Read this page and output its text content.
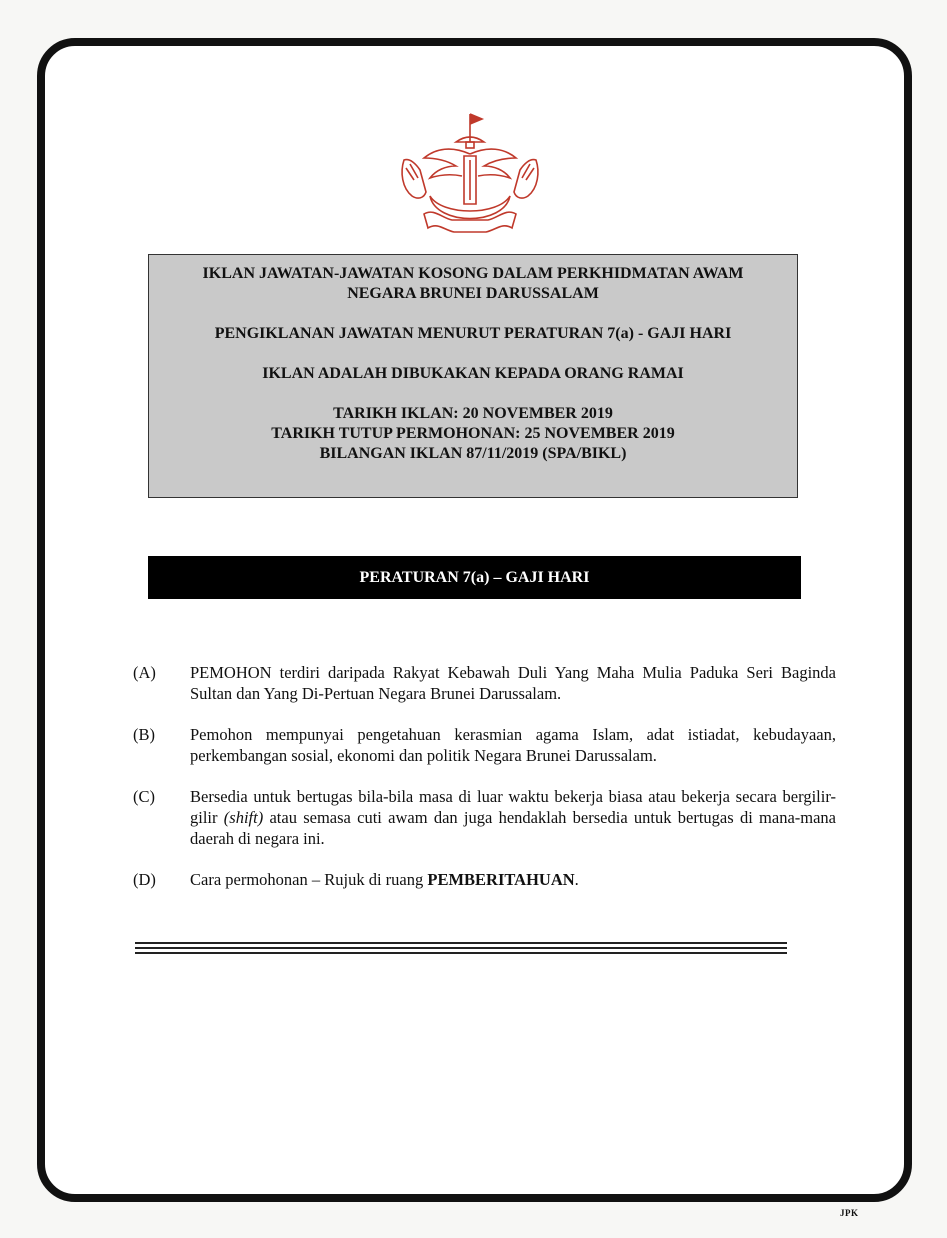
IKLAN JAWATAN-JAWATAN KOSONG DALAM PERKHIDMATAN AWAM
NEGARA BRUNEI DARUSSALAM
PENGIKLANAN JAWATAN MENURUT PERATURAN 7(a) - GAJI HARI
IKLAN ADALAH DIBUKAKAN KEPADA ORANG RAMAI
TARIKH IKLAN: 20 NOVEMBER 2019
TARIKH TUTUP PERMOHONAN: 25 NOVEMBER 2019
BILANGAN IKLAN 87/11/2019 (SPA/BIKL)
PERATURAN 7(a) – GAJI HARI
(A)	PEMOHON terdiri daripada Rakyat Kebawah Duli Yang Maha Mulia Paduka Seri Baginda Sultan dan Yang Di-Pertuan Negara Brunei Darussalam.
(B)	Pemohon mempunyai pengetahuan kerasmian agama Islam, adat istiadat, kebudayaan, perkembangan sosial, ekonomi dan politik Negara Brunei Darussalam.
(C)	Bersedia untuk bertugas bila-bila masa di luar waktu bekerja biasa atau bekerja secara bergilir-gilir (shift) atau semasa cuti awam dan juga hendaklah bersedia untuk bertugas di mana-mana daerah di negara ini.
(D)	Cara permohonan – Rujuk di ruang PEMBERITAHUAN.
JPK
